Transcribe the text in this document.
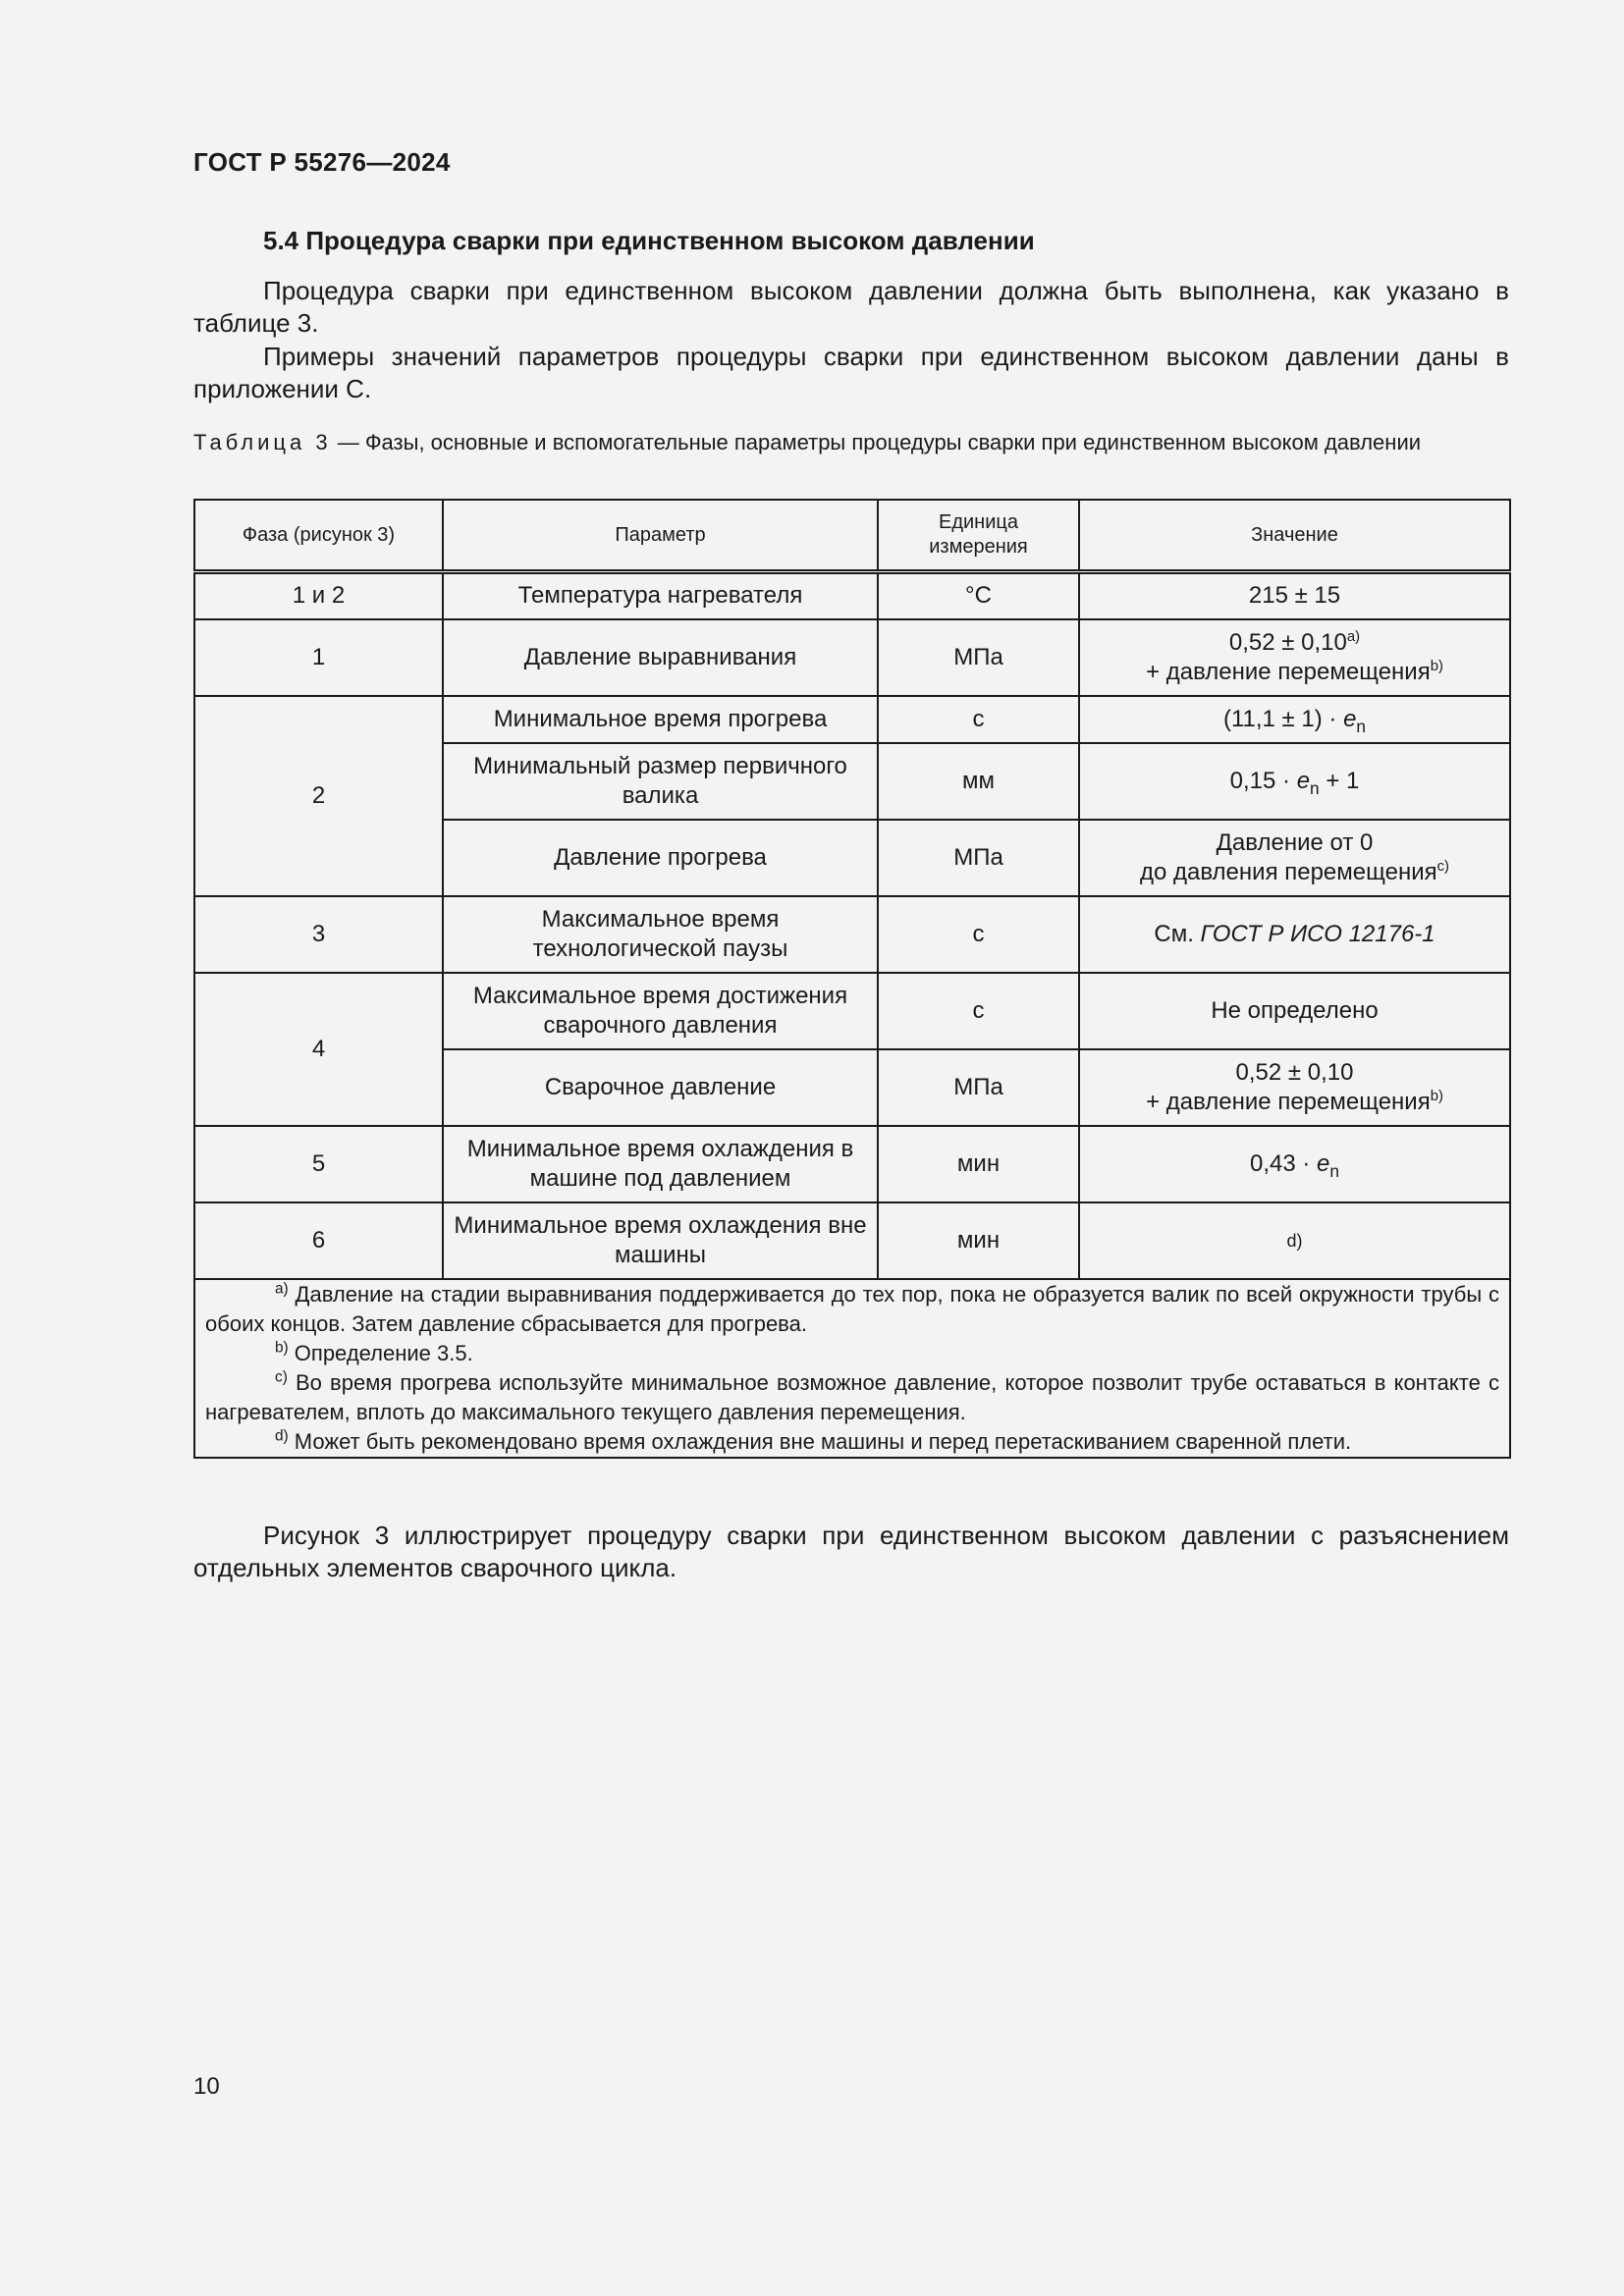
ГОСТ Р 55276—2024
5.4 Процедура сварки при единственном высоком давлении

Процедура сварки при единственном высоком давлении должна быть выполнена, как указано в таблице 3.

Примеры значений параметров процедуры сварки при единственном высоком давлении даны в приложении С.

Таблица 3 — Фазы, основные и вспомогательные параметры процедуры сварки при единственном высоком давлении

Фаза (рисунок 3)	Параметр	Единица измерения	Значение
1 и 2	Температура нагревателя	°C	215 ± 15
1	Давление выравнивания	МПа	$0,52 \pm 0,10^{a)}$
+ давление перемещения$^{b)}$
2	Минимальное время прогрева	с	$(11,1 \pm 1) \cdot e_n$
	Минимальный размер первичного валика	мм	$0,15 \cdot e_n + 1$
	Давление прогрева	МПа	Давление от 0
до давления перемещения$^{c)}$
3	Максимальное время технологической паузы	с	См. ГОСТ Р ИСО 12176-1
4	Максимальное время достижения сварочного давления	с	Не определено
	Сварочное давление	МПа	0,52 ± 0,10
+ давление перемещения$^{b)}$
5	Минимальное время охлаждения в машине под давлением	мин	$0,43 \cdot e_n$
6	Минимальное время охлаждения вне машины	мин	d)

$^{a)}$ Давление на стадии выравнивания поддерживается до тех пор, пока не образуется валик по всей окружности трубы с обоих концов. Затем давление сбрасывается для прогрева.

$^{b)}$ Определение 3.5.

$^{c)}$ Во время прогрева используйте минимальное возможное давление, которое позволит трубе оставаться в контакте с нагревателем, вплоть до максимального текущего давления перемещения.

$^{d)}$ Может быть рекомендовано время охлаждения вне машины и перед перетаскиванием сваренной плети.			

Рисунок 3 иллюстрирует процедуру сварки при единственном высоком давлении с разъяснением отдельных элементов сварочного цикла.

10
